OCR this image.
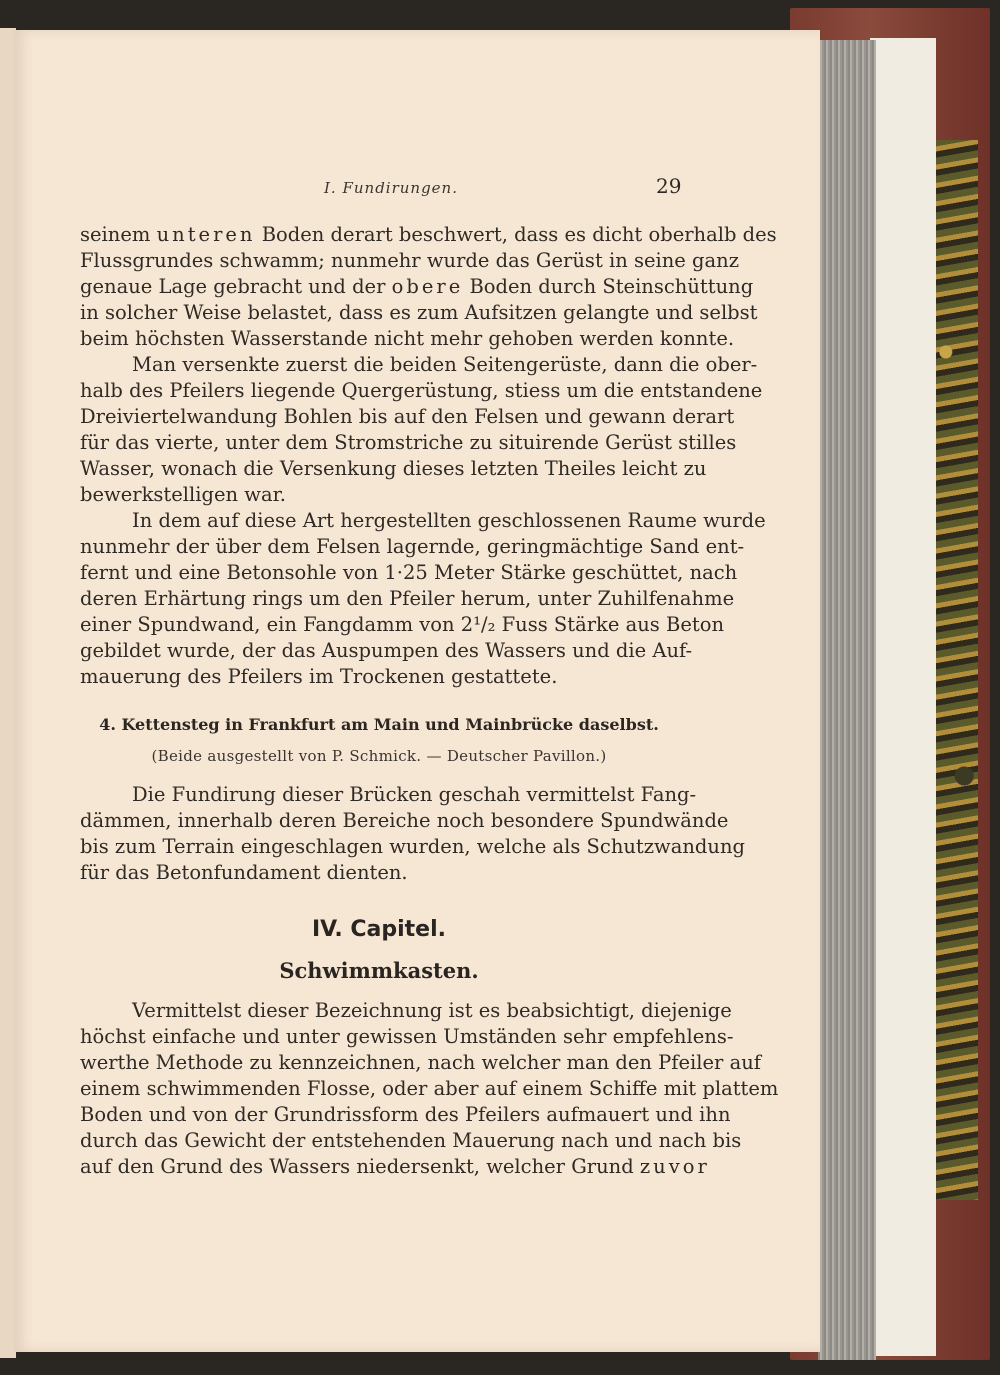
I. Fundirungen.	29
seinem unteren Boden derart beschwert, dass es dicht oberhalb des
Flussgrundes schwamm; nunmehr wurde das Gerüst in seine ganz
genaue Lage gebracht und der obere Boden durch Steinschüttung
in solcher Weise belastet, dass es zum Aufsitzen gelangte und selbst
beim höchsten Wasserstande nicht mehr gehoben werden konnte.
Man versenkte zuerst die beiden Seitengerüste, dann die ober-
halb des Pfeilers liegende Quergerüstung, stiess um die entstandene
Dreiviertelwandung Bohlen bis auf den Felsen und gewann derart
für das vierte, unter dem Stromstriche zu situirende Gerüst stilles
Wasser, wonach die Versenkung dieses letzten Theiles leicht zu
bewerkstelligen war.
In dem auf diese Art hergestellten geschlossenen Raume wurde
nunmehr der über dem Felsen lagernde, geringmächtige Sand ent-
fernt und eine Betonsohle von 1·25 Meter Stärke geschüttet, nach
deren Erhärtung rings um den Pfeiler herum, unter Zuhilfenahme
einer Spundwand, ein Fangdamm von 2¹/₂ Fuss Stärke aus Beton
gebildet wurde, der das Auspumpen des Wassers und die Auf-
mauerung des Pfeilers im Trockenen gestattete.
4. Kettensteg in Frankfurt am Main und Mainbrücke daselbst.
(Beide ausgestellt von P. Schmick. — Deutscher Pavillon.)
Die Fundirung dieser Brücken geschah vermittelst Fang-
dämmen, innerhalb deren Bereiche noch besondere Spundwände
bis zum Terrain eingeschlagen wurden, welche als Schutzwandung
für das Betonfundament dienten.
IV. Capitel.
Schwimmkasten.
Vermittelst dieser Bezeichnung ist es beabsichtigt, diejenige
höchst einfache und unter gewissen Umständen sehr empfehlens-
werthe Methode zu kennzeichnen, nach welcher man den Pfeiler auf
einem schwimmenden Flosse, oder aber auf einem Schiffe mit plattem
Boden und von der Grundrissform des Pfeilers aufmauert und ihn
durch das Gewicht der entstehenden Mauerung nach und nach bis
auf den Grund des Wassers niedersenkt, welcher Grund zuvor
